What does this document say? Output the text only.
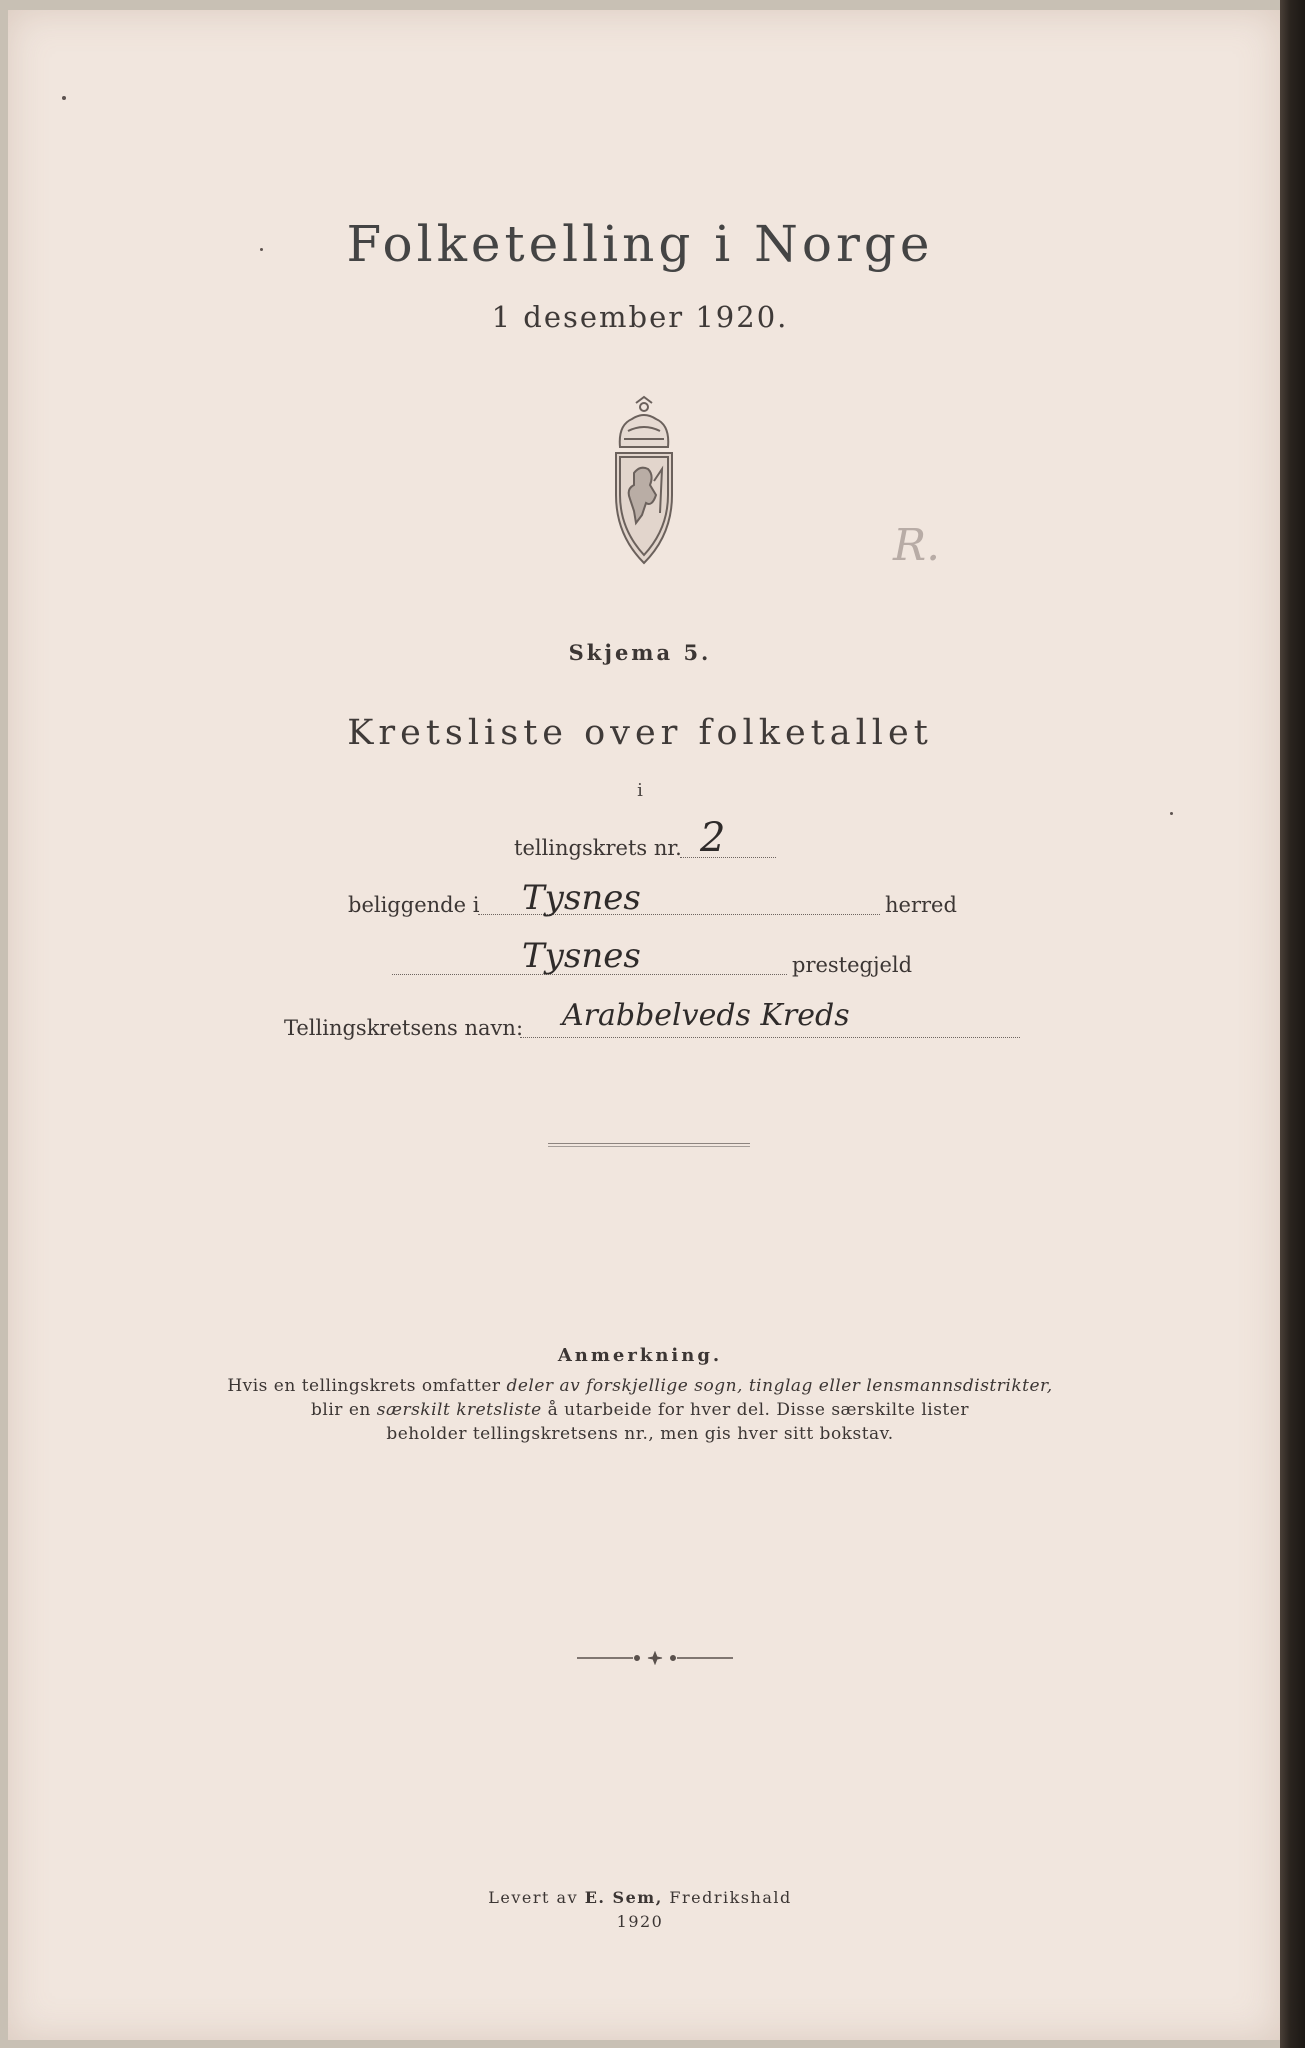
Folketelling i Norge
1 desember 1920.
R.
Skjema 5.
Kretsliste over folketallet
i
tellingskrets nr. 2
beliggende i Tysnes	herred
Tysnes	prestegjeld
Tellingskretsens navn: Arabbelveds Kreds
Anmerkning.
Hvis en tellingskrets omfatter deler av forskjellige sogn, tinglag eller lensmannsdistrikter,
blir en særskilt kretsliste å utarbeide for hver del. Disse særskilte lister
beholder tellingskretsens nr., men gis hver sitt bokstav.
Levert av E. Sem, Fredrikshald
1920
